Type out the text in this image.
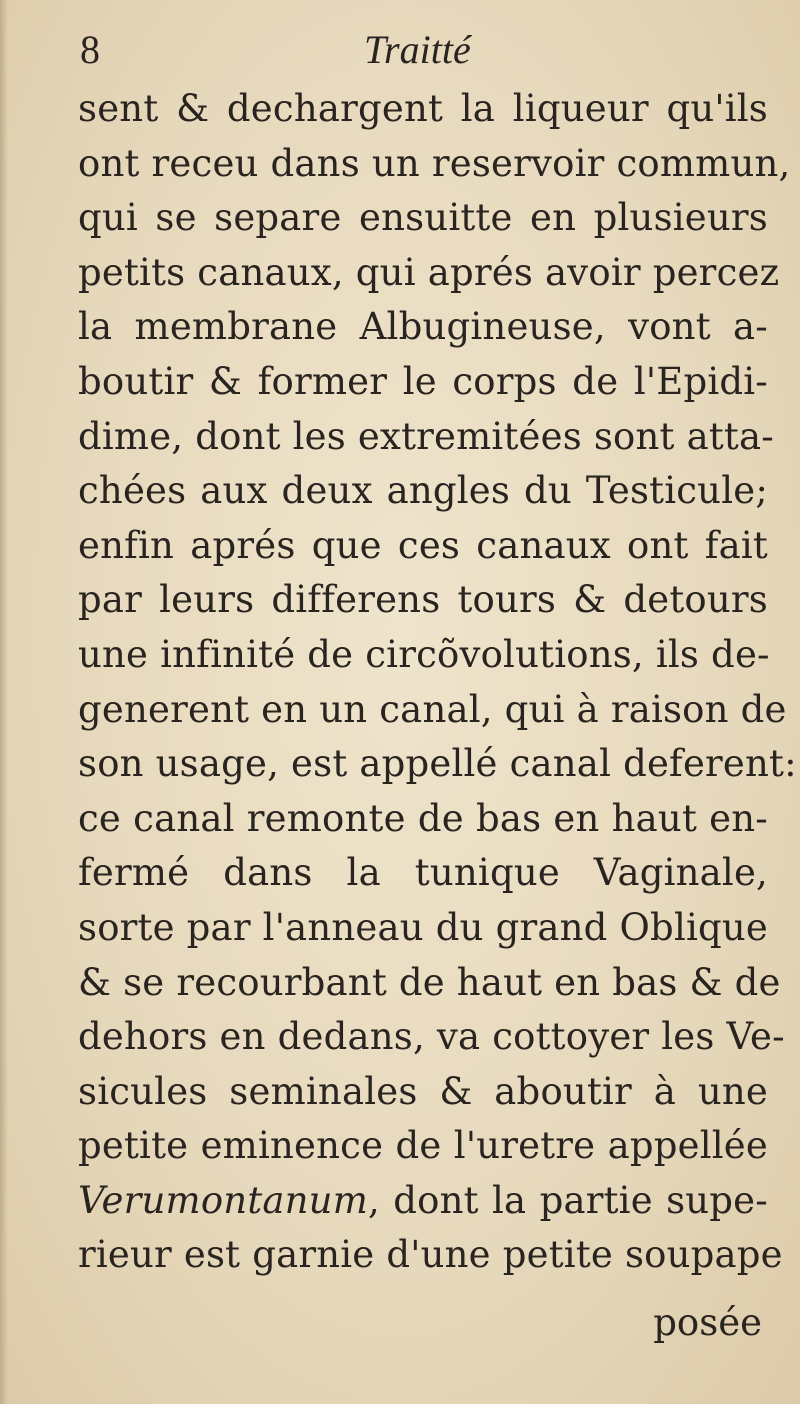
8	Traitté
sent & dechargent la liqueur qu'ils
ont receu dans un reservoir commun,
qui se separe ensuitte en plusieurs
petits canaux, qui aprés avoir percez
la membrane Albugineuse, vont a-
boutir & former le corps de l'Epidi-
dime, dont les extremitées sont atta-
chées aux deux angles du Testicule;
enfin aprés que ces canaux ont fait
par leurs differens tours & detours
une infinité de circõvolutions, ils de-
generent en un canal, qui à raison de
son usage, est appellé canal deferent:
ce canal remonte de bas en haut en-
fermé dans la tunique Vaginale,
sorte par l'anneau du grand Oblique
& se recourbant de haut en bas & de
dehors en dedans, va cottoyer les Ve-
sicules seminales & aboutir à une
petite eminence de l'uretre appellée
Verumontanum, dont la partie supe-
rieur est garnie d'une petite soupape
posée
